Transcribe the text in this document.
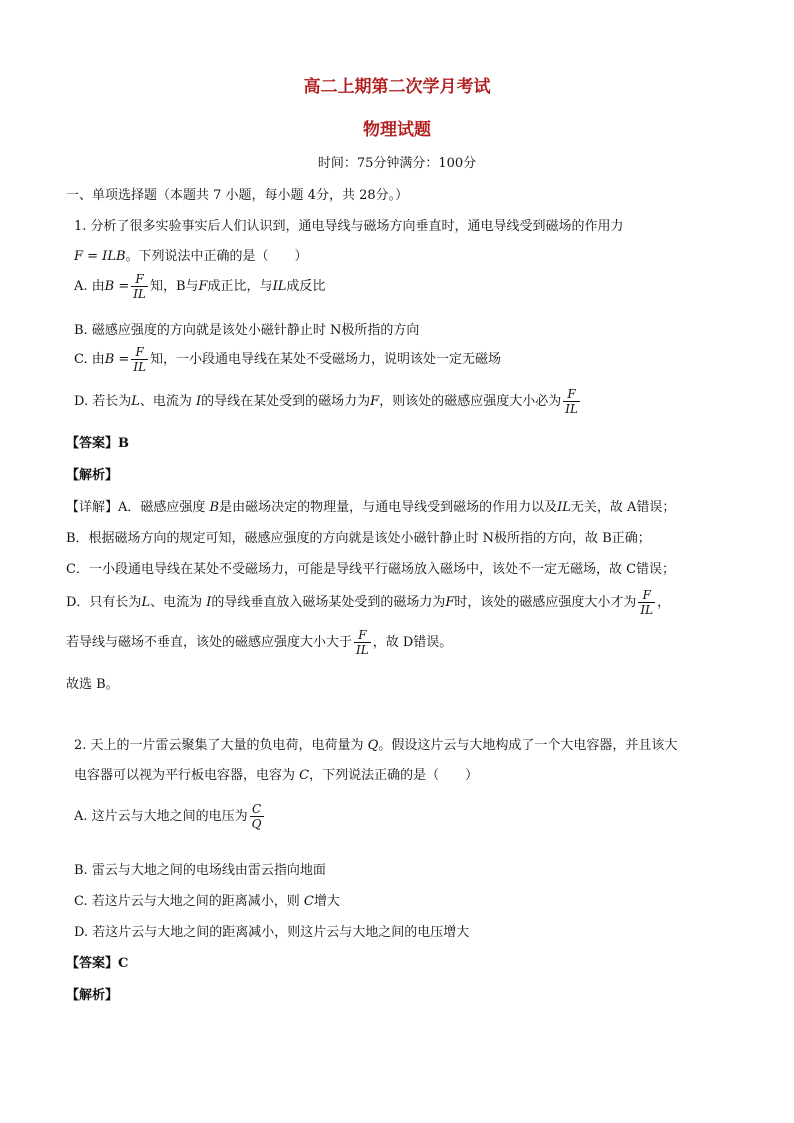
高二上期第二次学月考试
物理试题
时间：75分钟满分：100分
一、单项选择题（本题共 7 小题，每小题 4分，共 28分。）
1. 分析了很多实验事实后人们认识到，通电导线与磁场方向垂直时，通电导线受到磁场的作用力
F = ILB。下列说法中正确的是（　　）
A. 由$B = \frac{F}{IL}$ 知，B与F成正比，与IL成反比
B. 磁感应强度的方向就是该处小磁针静止时 N极所指的方向
C. 由$B = \frac{F}{IL}$ 知，一小段通电导线在某处不受磁场力，说明该处一定无磁场
D. 若长为L、电流为 I的导线在某处受到的磁场力为F，则该处的磁感应强度大小必为 $\frac{F}{IL}$
【答案】B
【解析】
【详解】A．磁感应强度 B是由磁场决定的物理量，与通电导线受到磁场的作用力以及IL无关，故 A错误；
B．根据磁场方向的规定可知，磁感应强度的方向就是该处小磁针静止时 N极所指的方向，故 B正确；
C．一小段通电导线在某处不受磁场力，可能是导线平行磁场放入磁场中，该处不一定无磁场，故 C错误；
D．只有长为L、电流为 I的导线垂直放入磁场某处受到的磁场力为F时，该处的磁感应强度大小才为 $\frac{F}{IL}$ ，
若导线与磁场不垂直，该处的磁感应强度大小大于 $\frac{F}{IL}$ ，故 D错误。
故选 B。
2. 天上的一片雷云聚集了大量的负电荷，电荷量为 Q。假设这片云与大地构成了一个大电容器，并且该大
电容器可以视为平行板电容器，电容为 C，下列说法正确的是（　　）
A. 这片云与大地之间的电压为 $\frac{C}{Q}$
B. 雷云与大地之间的电场线由雷云指向地面
C. 若这片云与大地之间的距离减小，则 C增大
D. 若这片云与大地之间的距离减小，则这片云与大地之间的电压增大
【答案】C
【解析】
